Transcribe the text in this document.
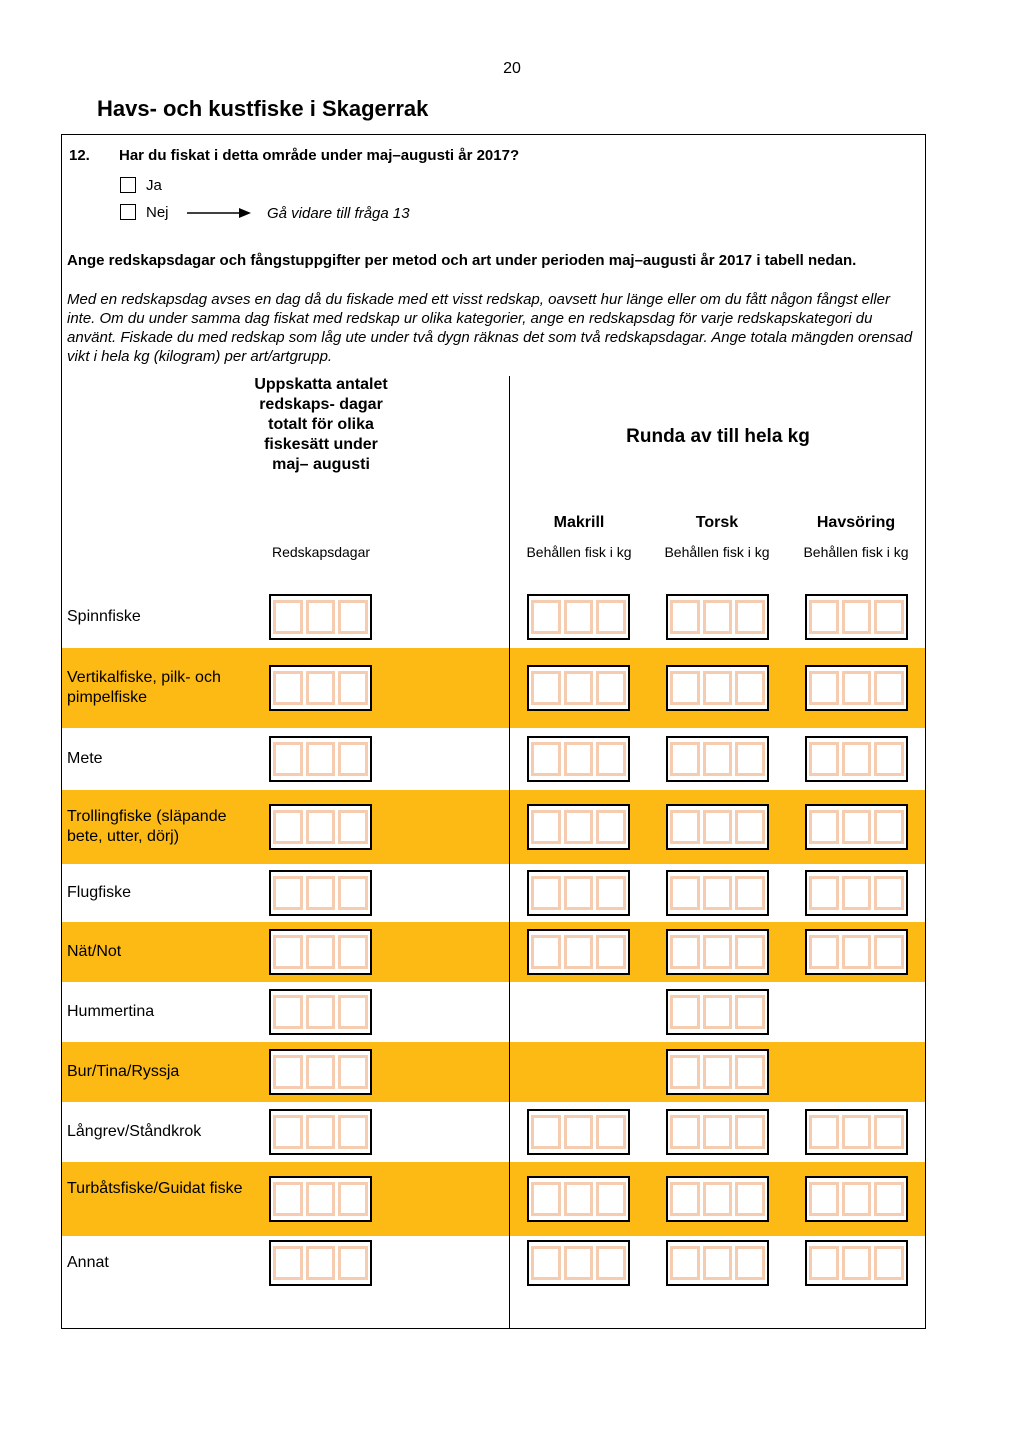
20
Havs- och kustfiske i Skagerrak
12. Har du fiskat i detta område under maj–augusti år 2017?
Ja
Nej	Gå vidare till fråga 13
Ange redskapsdagar och fångstuppgifter per metod och art under perioden maj–augusti år 2017 i tabell nedan.
Med en redskapsdag avses en dag då du fiskade med ett visst redskap, oavsett hur länge eller om du fått någon fångst eller inte. Om du under samma dag fiskat med redskap ur olika kategorier, ange en redskapsdag för varje redskapskategori du använt. Fiskade du med redskap som låg ute under två dygn räknas det som två redskapsdagar. Ange totala mängden orensad vikt i hela kg (kilogram) per art/artgrupp.
Uppskatta antalet redskaps- dagar totalt för olika fiskesätt under maj– augusti
Redskapsdagar
Runda av till hela kg
Makrill
Behållen fisk i kg
Torsk
Behållen fisk i kg
Havsöring
Behållen fisk i kg
Spinnfiske
Vertikalfiske, pilk- och pimpelfiske
Mete
Trollingfiske (släpande bete, utter, dörj)
Flugfiske
Nät/Not
Hummertina
Bur/Tina/Ryssja
Långrev/Ståndkrok
Turbåtsfiske/Guidat fiske
Annat
